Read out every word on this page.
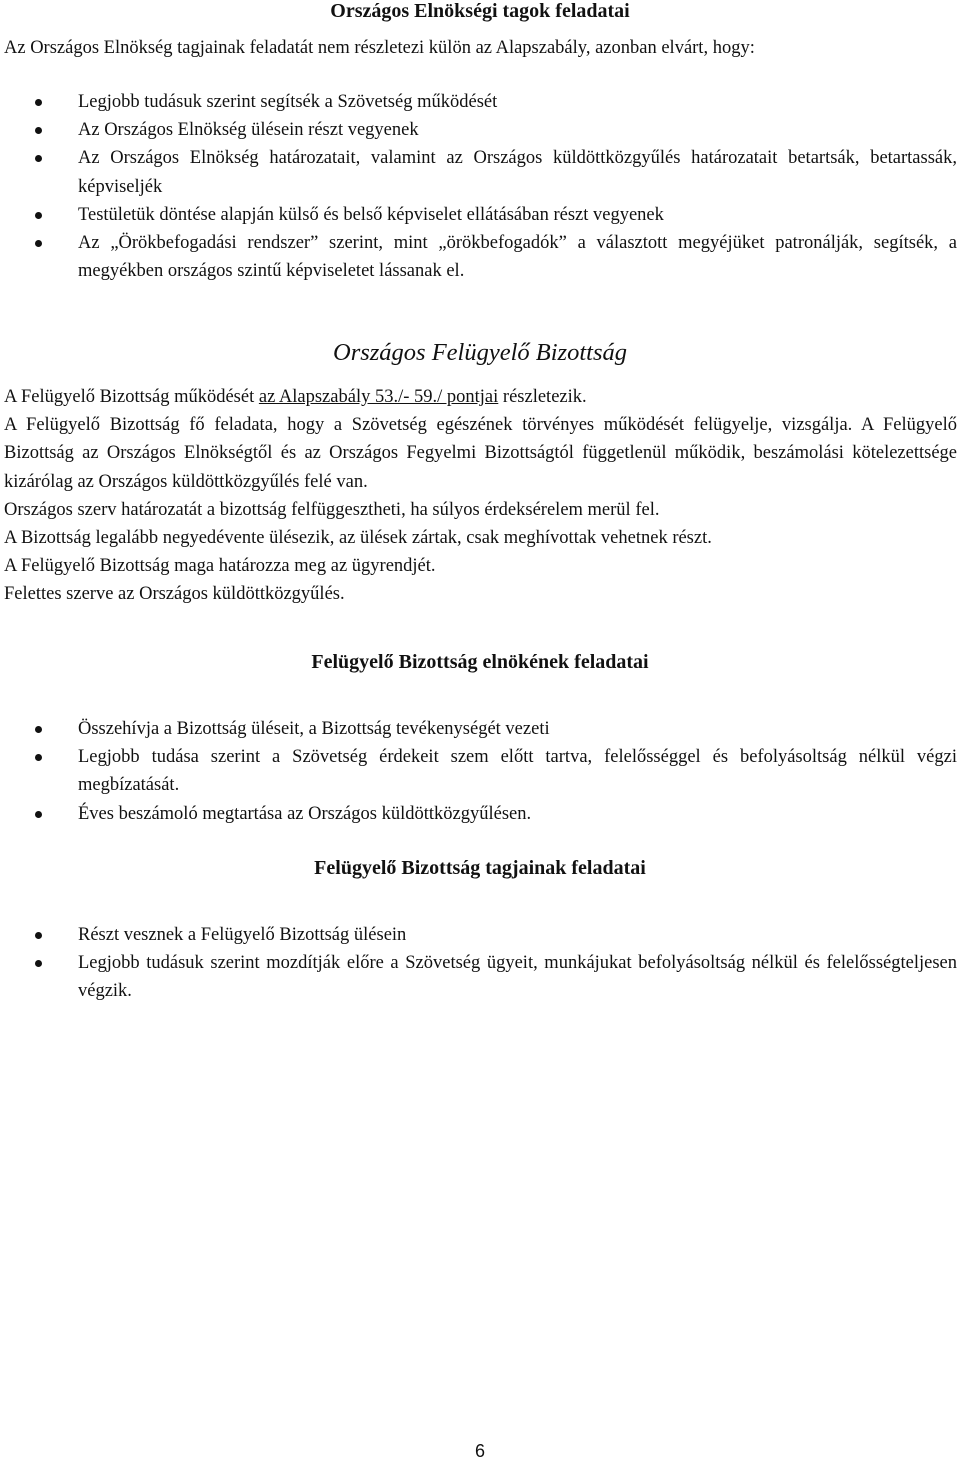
Országos Elnökségi tagok feladatai

Az Országos Elnökség tagjainak feladatát nem részletezi külön az Alapszabály, azonban elvárt, hogy:

Legjobb tudásuk szerint segítsék a Szövetség működését
Az Országos Elnökség ülésein részt vegyenek
Az Országos Elnökség határozatait, valamint az Országos küldöttközgyűlés határozatait betartsák, betartassák, képviseljék
Testületük döntése alapján külső és belső képviselet ellátásában részt vegyenek
Az „Örökbefogadási rendszer” szerint, mint „örökbefogadók” a választott megyéjüket patronálják, segítsék, a megyékben országos szintű képviseletet lássanak el.
Országos Felügyelő Bizottság

A Felügyelő Bizottság működését az Alapszabály 53./- 59./ pontjai részletezik.

A Felügyelő Bizottság fő feladata, hogy a Szövetség egészének törvényes működését felügyelje, vizsgálja. A Felügyelő Bizottság az Országos Elnökségtől és az Országos Fegyelmi Bizottságtól függetlenül működik, beszámolási kötelezettsége kizárólag az Országos küldöttközgyűlés felé van.

Országos szerv határozatát a bizottság felfüggesztheti, ha súlyos érdeksérelem merül fel.

A Bizottság legalább negyedévente ülésezik, az ülések zártak, csak meghívottak vehetnek részt.

A Felügyelő Bizottság maga határozza meg az ügyrendjét.

Felettes szerve az Országos küldöttközgyűlés.

Felügyelő Bizottság elnökének feladatai
Összehívja a Bizottság üléseit, a Bizottság tevékenységét vezeti
Legjobb tudása szerint a Szövetség érdekeit szem előtt tartva, felelősséggel és befolyásoltság nélkül végzi megbízatását.
Éves beszámoló megtartása az Országos küldöttközgyűlésen.
Felügyelő Bizottság tagjainak feladatai
Részt vesznek a Felügyelő Bizottság ülésein
Legjobb tudásuk szerint mozdítják előre a Szövetség ügyeit, munkájukat befolyásoltság nélkül és felelősségteljesen végzik.
6
